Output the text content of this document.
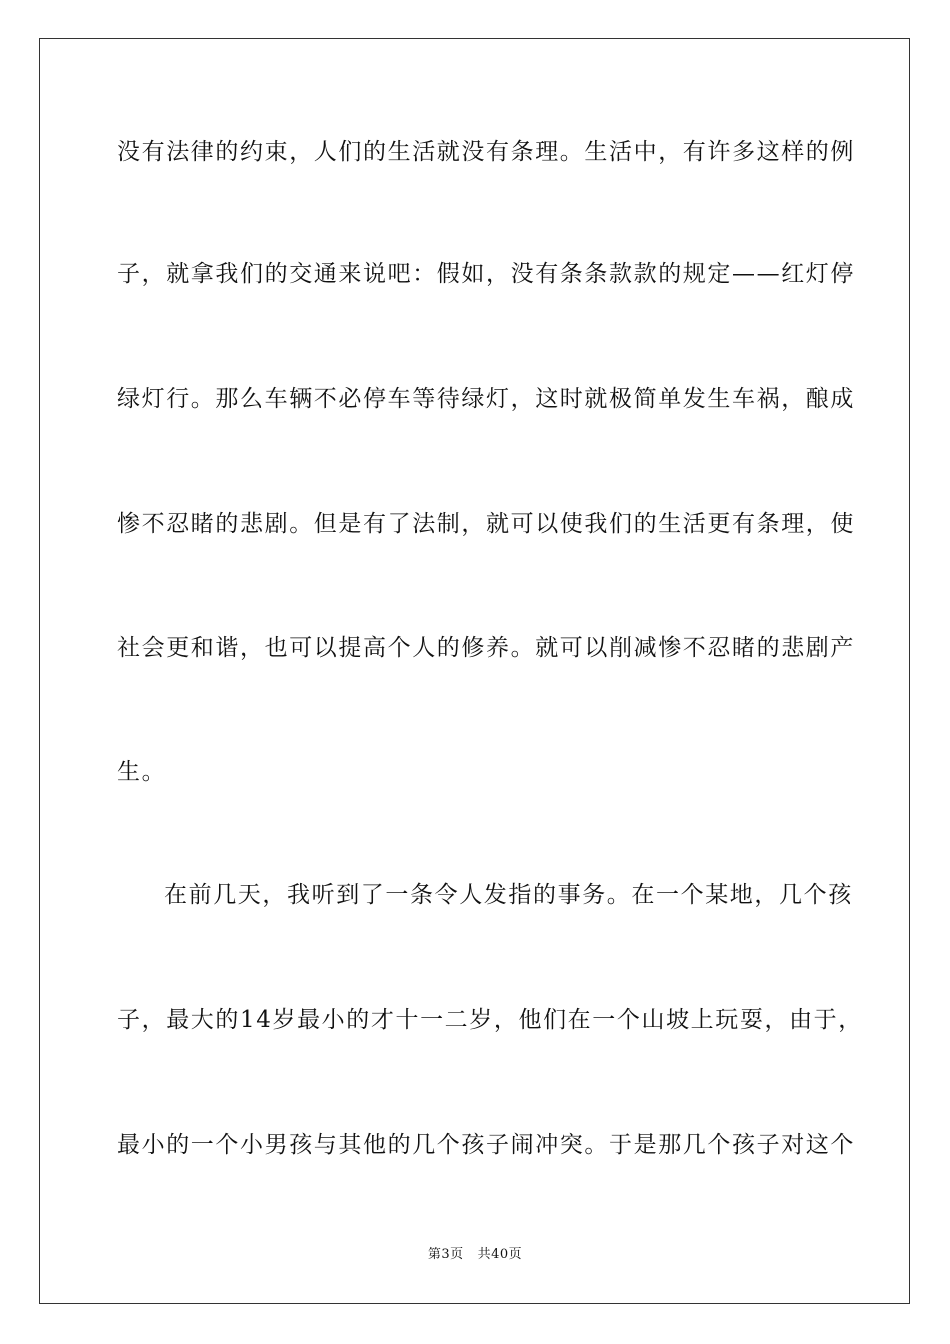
没有法律的约束，人们的生活就没有条理。生活中，有许多这样的例
子，就拿我们的交通来说吧：假如，没有条条款款的规定——红灯停
绿灯行。那么车辆不必停车等待绿灯，这时就极简单发生车祸，酿成
惨不忍睹的悲剧。但是有了法制，就可以使我们的生活更有条理，使
社会更和谐，也可以提高个人的修养。就可以削减惨不忍睹的悲剧产
生。
在前几天，我听到了一条令人发指的事务。在一个某地，几个孩
子，最大的14岁最小的才十一二岁，他们在一个山坡上玩耍，由于，
最小的一个小男孩与其他的几个孩子闹冲突。于是那几个孩子对这个
第3页 共40页
